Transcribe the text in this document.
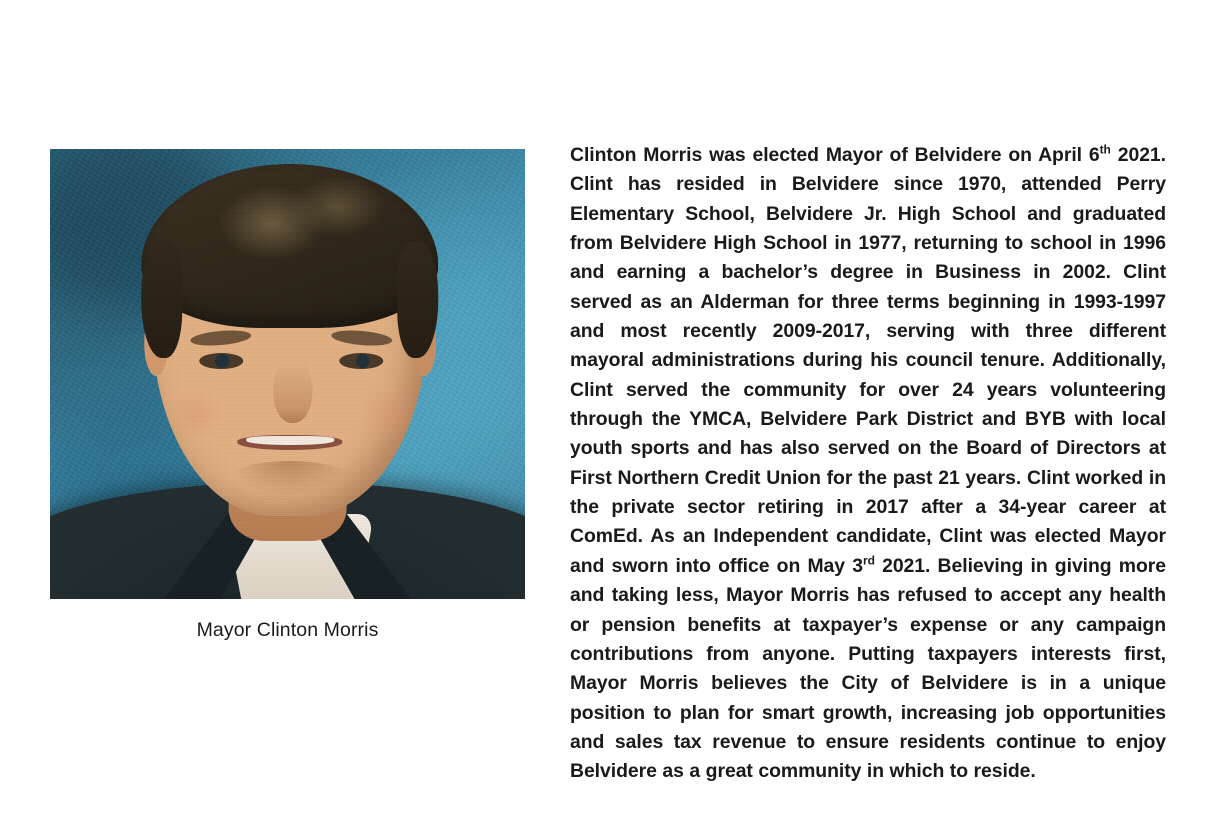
Mayor Clinton Morris
Clinton Morris was elected Mayor of Belvidere on April 6th 2021. Clint has resided in Belvidere since 1970, attended Perry Elementary School, Belvidere Jr. High School and graduated from Belvidere High School in 1977, returning to school in 1996 and earning a bachelor’s degree in Business in 2002. Clint served as an Alderman for three terms beginning in 1993-1997 and most recently 2009-2017, serving with three different mayoral administrations during his council tenure. Additionally, Clint served the community for over 24 years volunteering through the YMCA, Belvidere Park District and BYB with local youth sports and has also served on the Board of Directors at First Northern Credit Union for the past 21 years. Clint worked in the private sector retiring in 2017 after a 34-year career at ComEd. As an Independent candidate, Clint was elected Mayor and sworn into office on May 3rd 2021. Believing in giving more and taking less, Mayor Morris has refused to accept any health or pension benefits at taxpayer’s expense or any campaign contributions from anyone. Putting taxpayers interests first, Mayor Morris believes the City of Belvidere is in a unique position to plan for smart growth, increasing job opportunities and sales tax revenue to ensure residents continue to enjoy Belvidere as a great community in which to reside.
